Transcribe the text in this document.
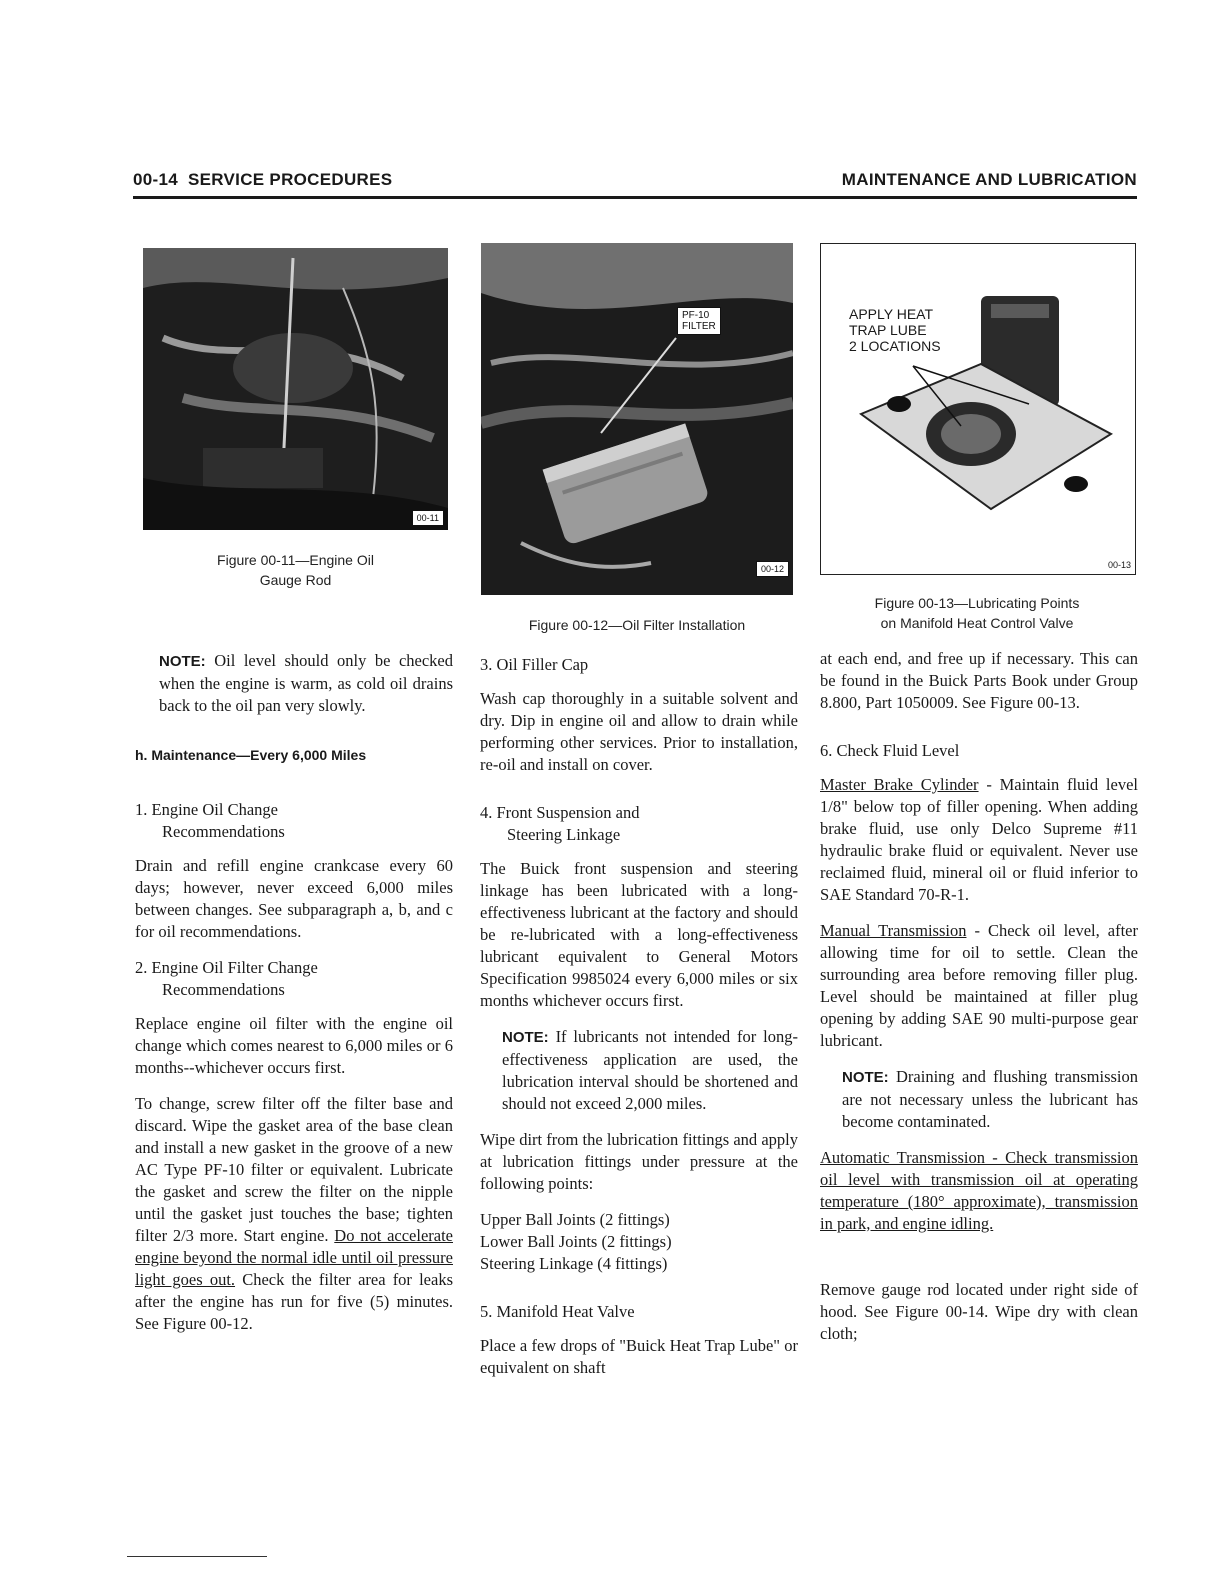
00-14 SERVICE PROCEDURES	MAINTENANCE AND LUBRICATION
00-11
Figure 00-11—Engine Oil
Gauge Rod
PF-10
FILTER
00-12
Figure 00-12—Oil Filter Installation
APPLY HEAT
TRAP LUBE
2 LOCATIONS
00-13
Figure 00-13—Lubricating Points
on Manifold Heat Control Valve

NOTE: Oil level should only be checked when the engine is warm, as cold oil drains back to the oil pan very slowly.

h. Maintenance—Every 6,000 Miles
1. Engine Oil Change
Recommendations

Drain and refill engine crankcase every 60 days; however, never exceed 6,000 miles between changes. See subparagraph a, b, and c for oil recommendations.

2. Engine Oil Filter Change
Recommendations

Replace engine oil filter with the engine oil change which comes nearest to 6,000 miles or 6 months--whichever occurs first.

To change, screw filter off the filter base and discard. Wipe the gasket area of the base clean and install a new gasket in the groove of a new AC Type PF-10 filter or equivalent. Lubricate the gasket and screw the filter on the nipple until the gasket just touches the base; tighten filter 2/3 more. Start engine. Do not accelerate engine beyond the normal idle until oil pressure light goes out. Check the filter area for leaks after the engine has run for five (5) minutes. See Figure 00-12.

3. Oil Filler Cap

Wash cap thoroughly in a suitable solvent and dry. Dip in engine oil and allow to drain while performing other services. Prior to installation, re-oil and install on cover.

4. Front Suspension and
Steering Linkage

The Buick front suspension and steering linkage has been lubricated with a long-effectiveness lubricant at the factory and should be re-lubricated with a long-effectiveness lubricant equivalent to General Motors Specification 9985024 every 6,000 miles or six months whichever occurs first.

NOTE: If lubricants not intended for long-effectiveness application are used, the lubrication interval should be shortened and should not exceed 2,000 miles.

Wipe dirt from the lubrication fittings and apply at lubrication fittings under pressure at the following points:

Upper Ball Joints (2 fittings)
Lower Ball Joints (2 fittings)
Steering Linkage (4 fittings)
5. Manifold Heat Valve

Place a few drops of "Buick Heat Trap Lube" or equivalent on shaft

at each end, and free up if necessary. This can be found in the Buick Parts Book under Group 8.800, Part 1050009. See Figure 00-13.

6. Check Fluid Level

Master Brake Cylinder - Maintain fluid level 1/8" below top of filler opening. When adding brake fluid, use only Delco Supreme #11 hydraulic brake fluid or equivalent. Never use reclaimed fluid, mineral oil or fluid inferior to SAE Standard 70-R-1.

Manual Transmission - Check oil level, after allowing time for oil to settle. Clean the surrounding area before removing filler plug. Level should be maintained at filler plug opening by adding SAE 90 multi-purpose gear lubricant.

NOTE: Draining and flushing transmission are not necessary unless the lubricant has become contaminated.

Automatic Transmission - Check transmission oil level with transmission oil at operating temperature (180° approximate), transmission in park, and engine idling.

Remove gauge rod located under right side of hood. See Figure 00-14. Wipe dry with clean cloth;
